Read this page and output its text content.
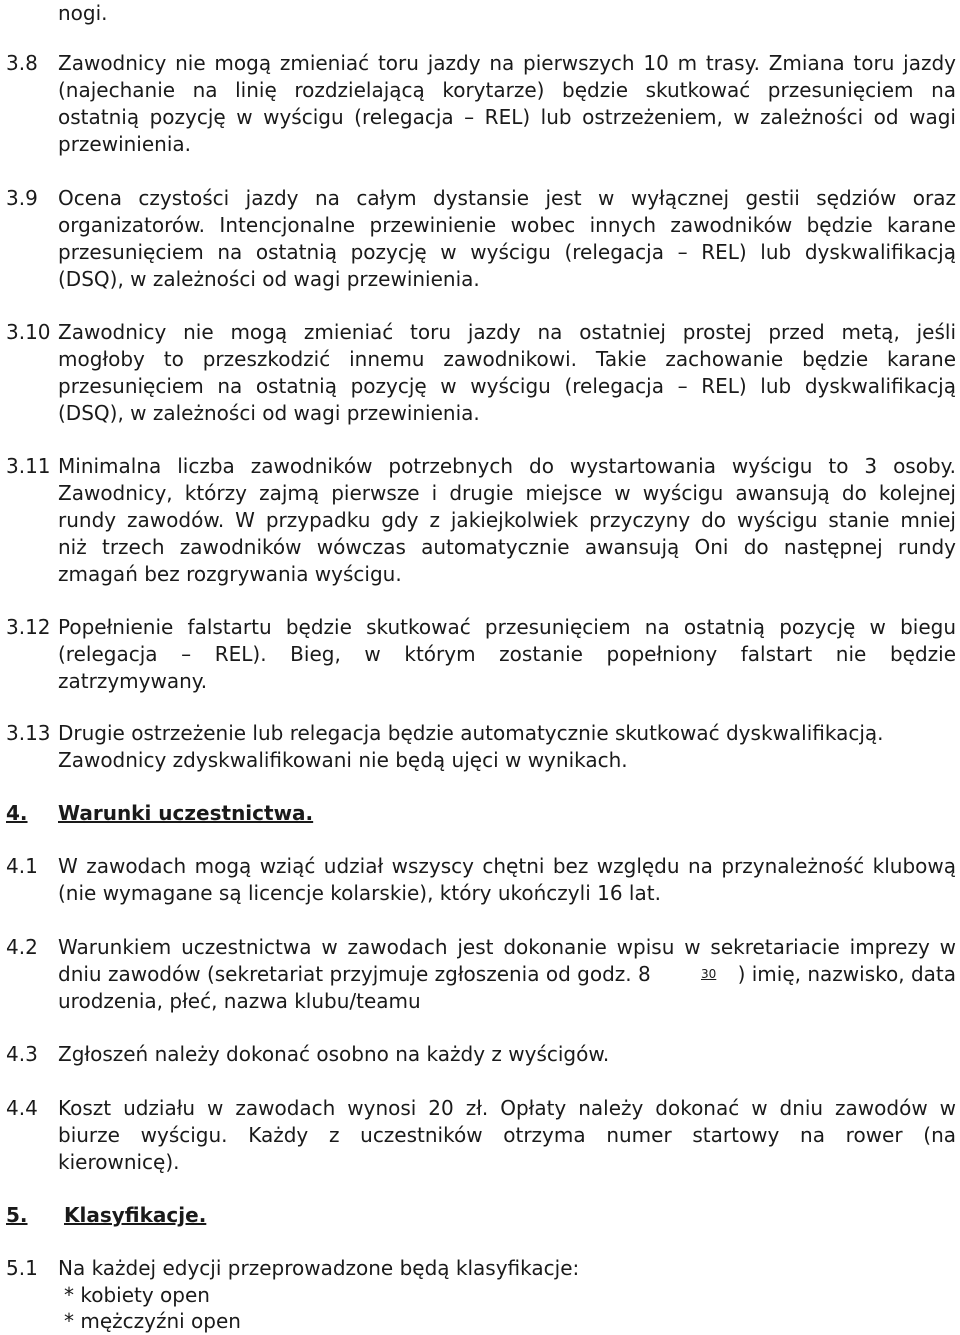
nogi.
3.8 Zawodnicy nie mogą zmieniać toru jazdy na pierwszych 10 m trasy. Zmiana toru jazdy
(najechanie na linię rozdzielającą korytarze) będzie skutkować przesunięciem na
ostatnią pozycję w wyścigu (relegacja – REL) lub ostrzeżeniem, w zależności od wagi
przewinienia.
3.9 Ocena czystości jazdy na całym dystansie jest w wyłącznej gestii sędziów oraz
organizatorów. Intencjonalne przewinienie wobec innych zawodników będzie karane
przesunięciem na ostatnią pozycję w wyścigu (relegacja – REL) lub dyskwalifikacją
(DSQ), w zależności od wagi przewinienia.
3.10 Zawodnicy nie mogą zmieniać toru jazdy na ostatniej prostej przed metą, jeśli
mogłoby to przeszkodzić innemu zawodnikowi. Takie zachowanie będzie karane
przesunięciem na ostatnią pozycję w wyścigu (relegacja – REL) lub dyskwalifikacją
(DSQ), w zależności od wagi przewinienia.
3.11 Minimalna liczba zawodników potrzebnych do wystartowania wyścigu to 3 osoby.
Zawodnicy, którzy zajmą pierwsze i drugie miejsce w wyścigu awansują do kolejnej
rundy zawodów. W przypadku gdy z jakiejkolwiek przyczyny do wyścigu stanie mniej
niż trzech zawodników wówczas automatycznie awansują Oni do następnej rundy
zmagań bez rozgrywania wyścigu.
3.12 Popełnienie falstartu będzie skutkować przesunięciem na ostatnią pozycję w biegu
(relegacja – REL). Bieg, w którym zostanie popełniony falstart nie będzie
zatrzymywany.
3.13 Drugie ostrzeżenie lub relegacja będzie automatycznie skutkować dyskwalifikacją.
Zawodnicy zdyskwalifikowani nie będą ujęci w wynikach.
4. Warunki uczestnictwa.
4.1 W zawodach mogą wziąć udział wszyscy chętni bez względu na przynależność klubową
(nie wymagane są licencje kolarskie), który ukończyli 16 lat.
4.2 Warunkiem uczestnictwa w zawodach jest dokonanie wpisu w sekretariacie imprezy w
dniu zawodów (sekretariat przyjmuje zgłoszenia od godz. 8	$^{30}$ ) imię, nazwisko, data
urodzenia, płeć, nazwa klubu/teamu
4.3 Zgłoszeń należy dokonać osobno na każdy z wyścigów.
4.4 Koszt udziału w zawodach wynosi 20 zł. Opłaty należy dokonać w dniu zawodów w
biurze wyścigu. Każdy z uczestników otrzyma numer startowy na rower (na
kierownicę).
5. Klasyfikacje.
5.1 Na każdej edycji przeprowadzone będą klasyfikacje:
* kobiety open
* mężczyźni open
